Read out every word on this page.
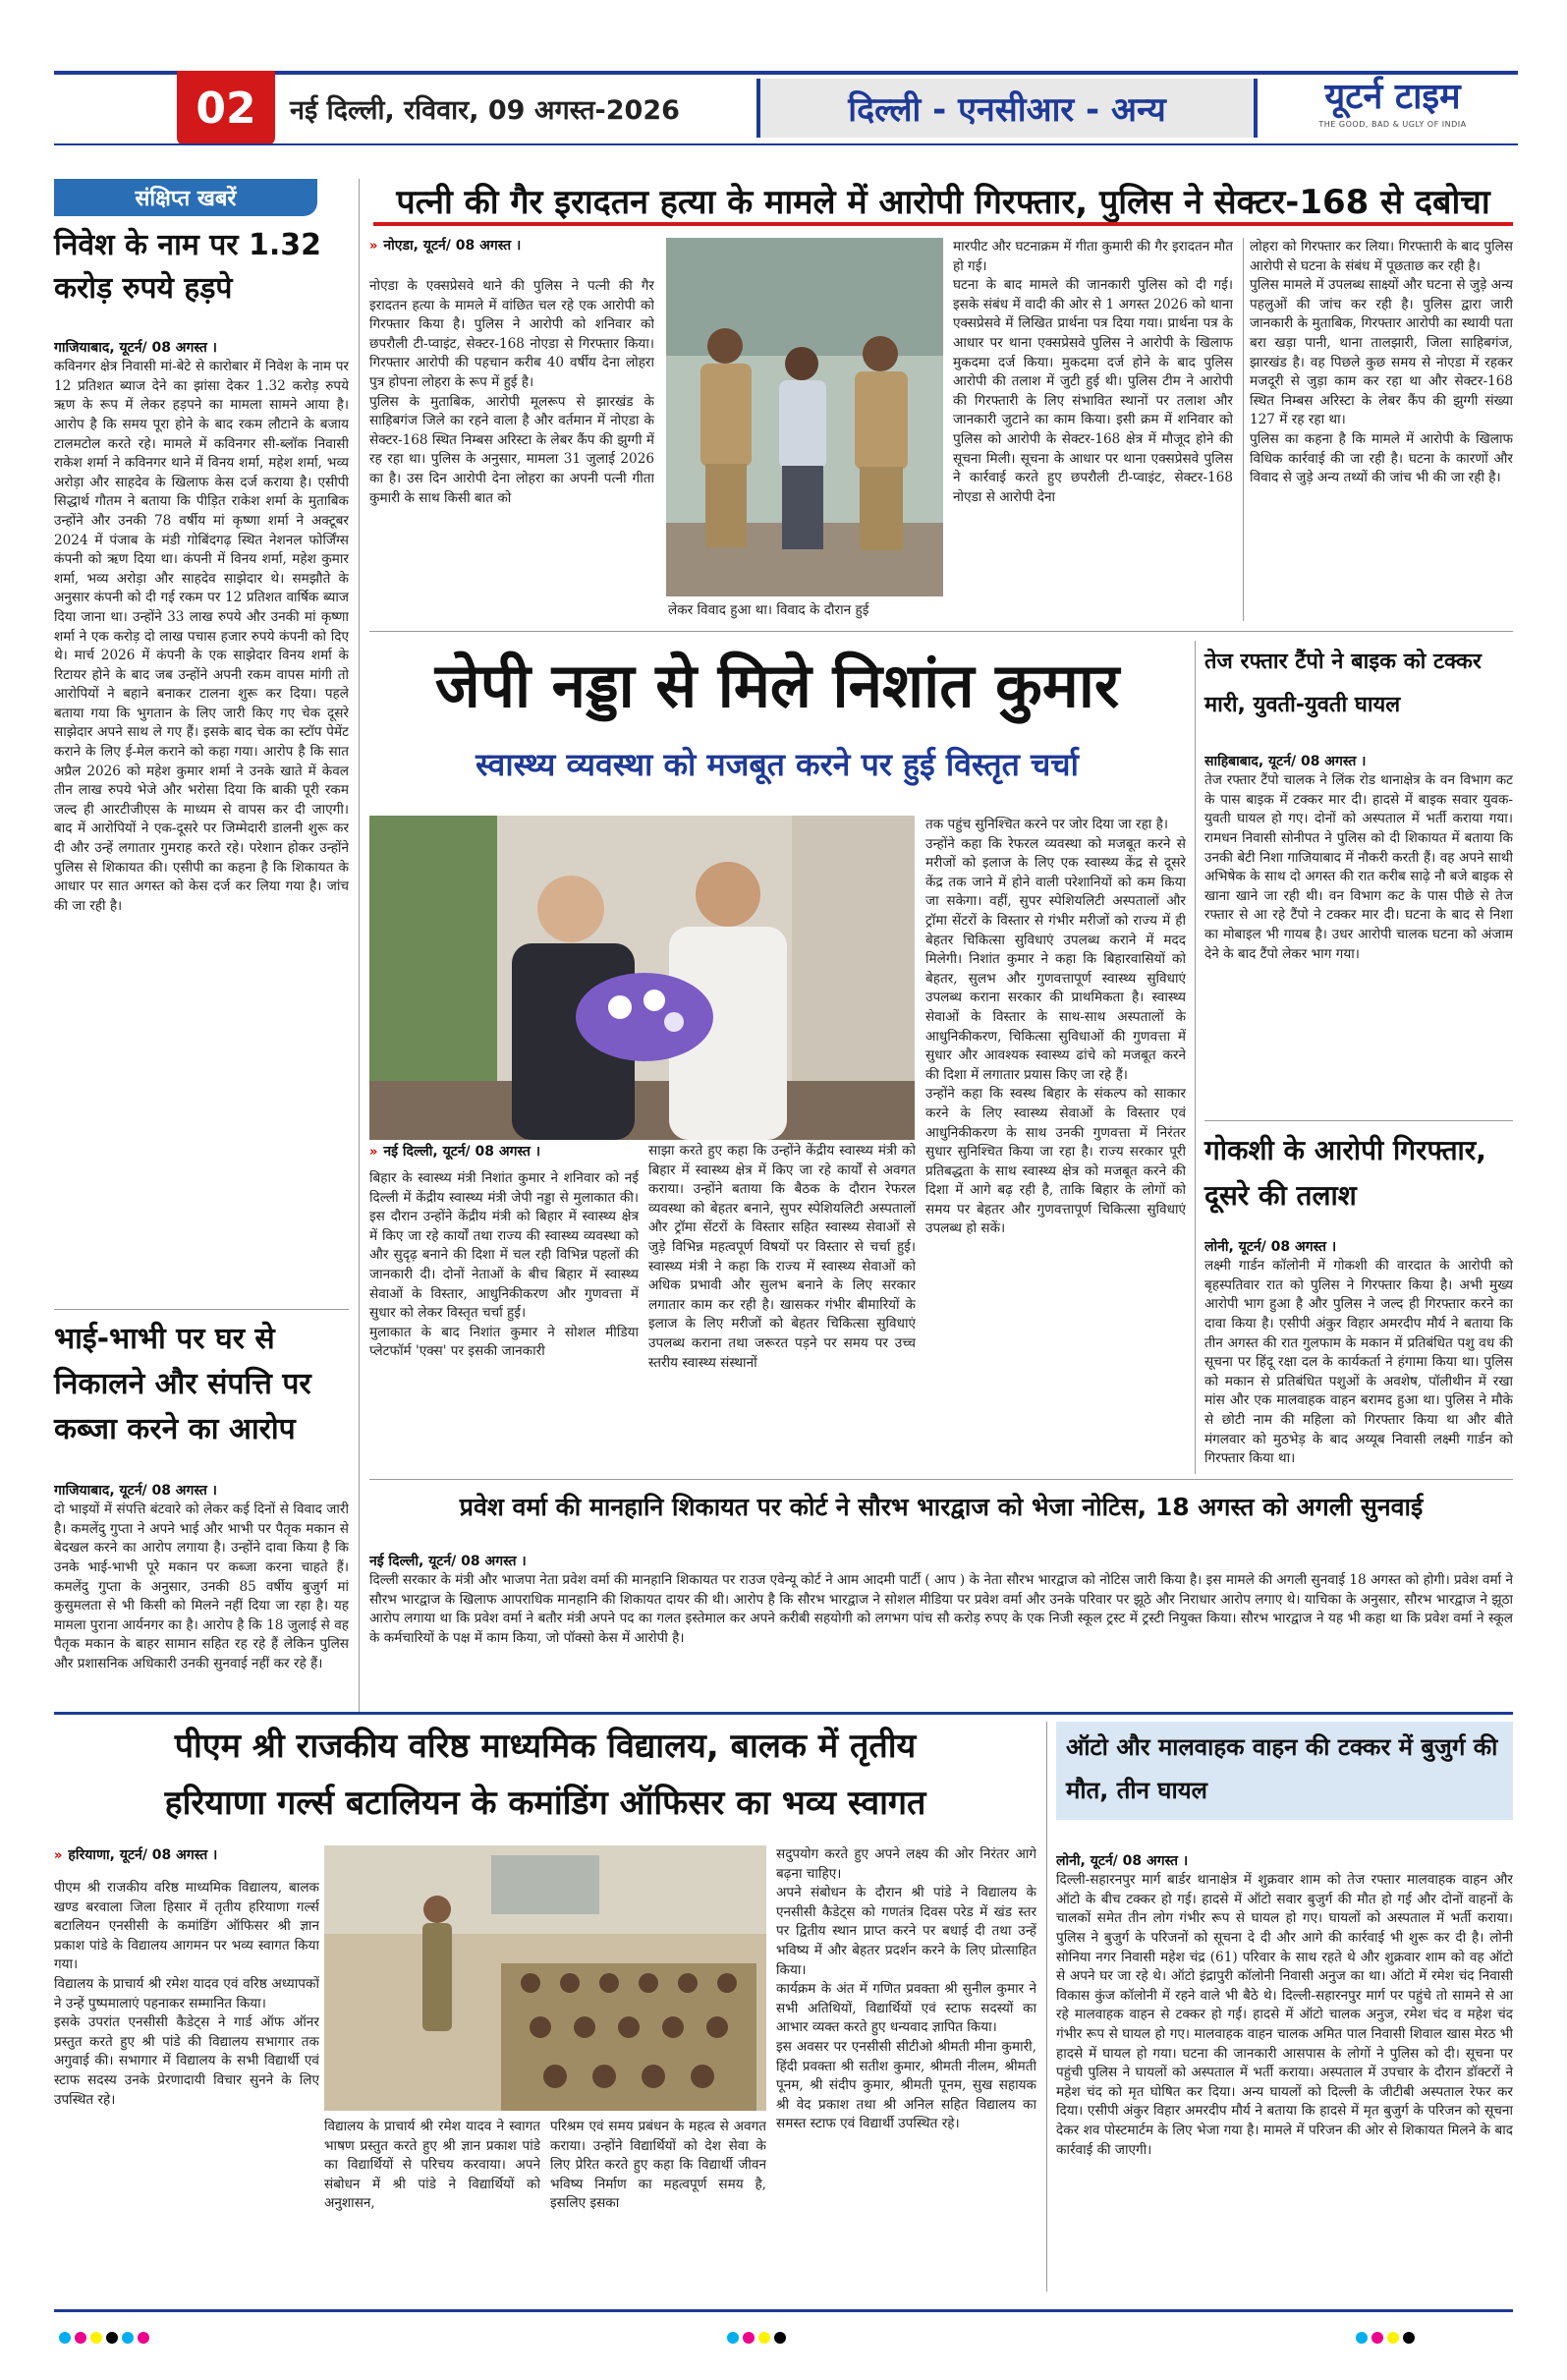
02 नई दिल्ली, रविवार, 09 अगस्त-2026	दिल्ली - एनसीआर - अन्य	यूटर्न टाइम
THE GOOD, BAD & UGLY OF INDIA
संक्षिप्त खबरें
निवेश के नाम पर 1.32 करोड़ रुपये हड़पे

गाजियाबाद, यूटर्न/ 08 अगस्त ।
कविनगर क्षेत्र निवासी मां-बेटे से कारोबार में निवेश के नाम पर 12 प्रतिशत ब्याज देने का झांसा देकर 1.32 करोड़ रुपये ऋण के रूप में लेकर हड़पने का मामला सामने आया है। आरोप है कि समय पूरा होने के बाद रकम लौटाने के बजाय टालमटोल करते रहे। मामले में कविनगर सी-ब्लॉक निवासी राकेश शर्मा ने कविनगर थाने में विनय शर्मा, महेश शर्मा, भव्य अरोड़ा और साहदेव के खिलाफ केस दर्ज कराया है। एसीपी सिद्धार्थ गौतम ने बताया कि पीड़ित राकेश शर्मा के मुताबिक उन्होंने और उनकी 78 वर्षीय मां कृष्णा शर्मा ने अक्टूबर 2024 में पंजाब के मंडी गोबिंदगढ़ स्थित नेशनल फोर्जिंग्स कंपनी को ऋण दिया था। कंपनी में विनय शर्मा, महेश कुमार शर्मा, भव्य अरोड़ा और साहदेव साझेदार थे। समझौते के अनुसार कंपनी को दी गई रकम पर 12 प्रतिशत वार्षिक ब्याज दिया जाना था। उन्होंने 33 लाख रुपये और उनकी मां कृष्णा शर्मा ने एक करोड़ दो लाख पचास हजार रुपये कंपनी को दिए थे। मार्च 2026 में कंपनी के एक साझेदार विनय शर्मा के रिटायर होने के बाद जब उन्होंने अपनी रकम वापस मांगी तो आरोपियों ने बहाने बनाकर टालना शुरू कर दिया। पहले बताया गया कि भुगतान के लिए जारी किए गए चेक दूसरे साझेदार अपने साथ ले गए हैं। इसके बाद चेक का स्टॉप पेमेंट कराने के लिए ई-मेल कराने को कहा गया। आरोप है कि सात अप्रैल 2026 को महेश कुमार शर्मा ने उनके खाते में केवल तीन लाख रुपये भेजे और भरोसा दिया कि बाकी पूरी रकम जल्द ही आरटीजीएस के माध्यम से वापस कर दी जाएगी। बाद में आरोपियों ने एक-दूसरे पर जिम्मेदारी डालनी शुरू कर दी और उन्हें लगातार गुमराह करते रहे। परेशान होकर उन्होंने पुलिस से शिकायत की। एसीपी का कहना है कि शिकायत के आधार पर सात अगस्त को केस दर्ज कर लिया गया है। जांच की जा रही है।

भाई-भाभी पर घर से निकालने और संपत्ति पर कब्जा करने का आरोप

गाजियाबाद, यूटर्न/ 08 अगस्त ।
दो भाइयों में संपत्ति बंटवारे को लेकर कई दिनों से विवाद जारी है। कमलेंदु गुप्ता ने अपने भाई और भाभी पर पैतृक मकान से बेदखल करने का आरोप लगाया है। उन्होंने दावा किया है कि उनके भाई-भाभी पूरे मकान पर कब्जा करना चाहते हैं। कमलेंदु गुप्ता के अनुसार, उनकी 85 वर्षीय बुजुर्ग मां कुसुमलता से भी किसी को मिलने नहीं दिया जा रहा है। यह मामला पुराना आर्यनगर का है। आरोप है कि 18 जुलाई से वह पैतृक मकान के बाहर सामान सहित रह रहे हैं लेकिन पुलिस और प्रशासनिक अधिकारी उनकी सुनवाई नहीं कर रहे हैं।

पत्नी की गैर इरादतन हत्या के मामले में आरोपी गिरफ्तार, पुलिस ने सेक्टर-168 से दबोचा
» नोएडा, यूटर्न/ 08 अगस्त ।
नोएडा के एक्सप्रेसवे थाने की पुलिस ने पत्नी की गैर इरादतन हत्या के मामले में वांछित चल रहे एक आरोपी को गिरफ्तार किया है। पुलिस ने आरोपी को शनिवार को छपरौली टी-प्वाइंट, सेक्टर-168 नोएडा से गिरफ्तार किया। गिरफ्तार आरोपी की पहचान करीब 40 वर्षीय देना लोहरा पुत्र होपना लोहरा के रूप में हुई है।
पुलिस के मुताबिक, आरोपी मूलरूप से झारखंड के साहिबगंज जिले का रहने वाला है और वर्तमान में नोएडा के सेक्टर-168 स्थित निम्बस अरिस्टा के लेबर कैंप की झुग्गी में रह रहा था। पुलिस के अनुसार, मामला 31 जुलाई 2026 का है। उस दिन आरोपी देना लोहरा का अपनी पत्नी गीता कुमारी के साथ किसी बात को
लेकर विवाद हुआ था। विवाद के दौरान हुई
मारपीट और घटनाक्रम में गीता कुमारी की गैर इरादतन मौत हो गई।
घटना के बाद मामले की जानकारी पुलिस को दी गई। इसके संबंध में वादी की ओर से 1 अगस्त 2026 को थाना एक्सप्रेसवे में लिखित प्रार्थना पत्र दिया गया। प्रार्थना पत्र के आधार पर थाना एक्सप्रेसवे पुलिस ने आरोपी के खिलाफ मुकदमा दर्ज किया। मुकदमा दर्ज होने के बाद पुलिस आरोपी की तलाश में जुटी हुई थी। पुलिस टीम ने आरोपी की गिरफ्तारी के लिए संभावित स्थानों पर तलाश और जानकारी जुटाने का काम किया। इसी क्रम में शनिवार को पुलिस को आरोपी के सेक्टर-168 क्षेत्र में मौजूद होने की सूचना मिली। सूचना के आधार पर थाना एक्सप्रेसवे पुलिस ने कार्रवाई करते हुए छपरौली टी-प्वाइंट, सेक्टर-168 नोएडा से आरोपी देना
लोहरा को गिरफ्तार कर लिया। गिरफ्तारी के बाद पुलिस आरोपी से घटना के संबंध में पूछताछ कर रही है।
पुलिस मामले में उपलब्ध साक्ष्यों और घटना से जुड़े अन्य पहलुओं की जांच कर रही है। पुलिस द्वारा जारी जानकारी के मुताबिक, गिरफ्तार आरोपी का स्थायी पता बरा खड़ा पानी, थाना तालझारी, जिला साहिबगंज, झारखंड है। वह पिछले कुछ समय से नोएडा में रहकर मजदूरी से जुड़ा काम कर रहा था और सेक्टर-168 स्थित निम्बस अरिस्टा के लेबर कैंप की झुग्गी संख्या 127 में रह रहा था।
पुलिस का कहना है कि मामले में आरोपी के खिलाफ विधिक कार्रवाई की जा रही है। घटना के कारणों और विवाद से जुड़े अन्य तथ्यों की जांच भी की जा रही है।
जेपी नड्डा से मिले निशांत कुमार
स्वास्थ्य व्यवस्था को मजबूत करने पर हुई विस्तृत चर्चा
» नई दिल्ली, यूटर्न/ 08 अगस्त ।
बिहार के स्वास्थ्य मंत्री निशांत कुमार ने शनिवार को नई दिल्ली में केंद्रीय स्वास्थ्य मंत्री जेपी नड्डा से मुलाकात की। इस दौरान उन्होंने केंद्रीय मंत्री को बिहार में स्वास्थ्य क्षेत्र में किए जा रहे कार्यों तथा राज्य की स्वास्थ्य व्यवस्था को और सुदृढ़ बनाने की दिशा में चल रही विभिन्न पहलों की जानकारी दी। दोनों नेताओं के बीच बिहार में स्वास्थ्य सेवाओं के विस्तार, आधुनिकीकरण और गुणवत्ता में सुधार को लेकर विस्तृत चर्चा हुई।
मुलाकात के बाद निशांत कुमार ने सोशल मीडिया प्लेटफॉर्म 'एक्स' पर इसकी जानकारी
साझा करते हुए कहा कि उन्होंने केंद्रीय स्वास्थ्य मंत्री को बिहार में स्वास्थ्य क्षेत्र में किए जा रहे कार्यों से अवगत कराया। उन्होंने बताया कि बैठक के दौरान रेफरल व्यवस्था को बेहतर बनाने, सुपर स्पेशियलिटी अस्पतालों और ट्रॉमा सेंटरों के विस्तार सहित स्वास्थ्य सेवाओं से जुड़े विभिन्न महत्वपूर्ण विषयों पर विस्तार से चर्चा हुई। स्वास्थ्य मंत्री ने कहा कि राज्य में स्वास्थ्य सेवाओं को अधिक प्रभावी और सुलभ बनाने के लिए सरकार लगातार काम कर रही है। खासकर गंभीर बीमारियों के इलाज के लिए मरीजों को बेहतर चिकित्सा सुविधाएं उपलब्ध कराना तथा जरूरत पड़ने पर समय पर उच्च स्तरीय स्वास्थ्य संस्थानों
तक पहुंच सुनिश्चित करने पर जोर दिया जा रहा है।
उन्होंने कहा कि रेफरल व्यवस्था को मजबूत करने से मरीजों को इलाज के लिए एक स्वास्थ्य केंद्र से दूसरे केंद्र तक जाने में होने वाली परेशानियों को कम किया जा सकेगा। वहीं, सुपर स्पेशियलिटी अस्पतालों और ट्रॉमा सेंटरों के विस्तार से गंभीर मरीजों को राज्य में ही बेहतर चिकित्सा सुविधाएं उपलब्ध कराने में मदद मिलेगी। निशांत कुमार ने कहा कि बिहारवासियों को बेहतर, सुलभ और गुणवत्तापूर्ण स्वास्थ्य सुविधाएं उपलब्ध कराना सरकार की प्राथमिकता है। स्वास्थ्य सेवाओं के विस्तार के साथ-साथ अस्पतालों के आधुनिकीकरण, चिकित्सा सुविधाओं की गुणवत्ता में सुधार और आवश्यक स्वास्थ्य ढांचे को मजबूत करने की दिशा में लगातार प्रयास किए जा रहे हैं।
उन्होंने कहा कि स्वस्थ बिहार के संकल्प को साकार करने के लिए स्वास्थ्य सेवाओं के विस्तार एवं आधुनिकीकरण के साथ उनकी गुणवत्ता में निरंतर सुधार सुनिश्चित किया जा रहा है। राज्य सरकार पूरी प्रतिबद्धता के साथ स्वास्थ्य क्षेत्र को मजबूत करने की दिशा में आगे बढ़ रही है, ताकि बिहार के लोगों को समय पर बेहतर और गुणवत्तापूर्ण चिकित्सा सुविधाएं उपलब्ध हो सकें।
तेज रफ्तार टैंपो ने बाइक को टक्कर मारी, युवती-युवती घायल

साहिबाबाद, यूटर्न/ 08 अगस्त ।
तेज रफ्तार टैंपो चालक ने लिंक रोड थानाक्षेत्र के वन विभाग कट के पास बाइक में टक्कर मार दी। हादसे में बाइक सवार युवक-युवती घायल हो गए। दोनों को अस्पताल में भर्ती कराया गया। रामधन निवासी सोनीपत ने पुलिस को दी शिकायत में बताया कि उनकी बेटी निशा गाजियाबाद में नौकरी करती हैं। वह अपने साथी अभिषेक के साथ दो अगस्त की रात करीब साढ़े नौ बजे बाइक से खाना खाने जा रही थी। वन विभाग कट के पास पीछे से तेज रफ्तार से आ रहे टैंपो ने टक्कर मार दी। घटना के बाद से निशा का मोबाइल भी गायब है। उधर आरोपी चालक घटना को अंजाम देने के बाद टैंपो लेकर भाग गया।

गोकशी के आरोपी गिरफ्तार, दूसरे की तलाश

लोनी, यूटर्न/ 08 अगस्त ।
लक्ष्मी गार्डन कॉलोनी में गोकशी की वारदात के आरोपी को बृहस्पतिवार रात को पुलिस ने गिरफ्तार किया है। अभी मुख्य आरोपी भाग हुआ है और पुलिस ने जल्द ही गिरफ्तार करने का दावा किया है। एसीपी अंकुर विहार अमरदीप मौर्य ने बताया कि तीन अगस्त की रात गुलफाम के मकान में प्रतिबंधित पशु वध की सूचना पर हिंदू रक्षा दल के कार्यकर्ता ने हंगामा किया था। पुलिस को मकान से प्रतिबंधित पशुओं के अवशेष, पॉलीथीन में रखा मांस और एक मालवाहक वाहन बरामद हुआ था। पुलिस ने मौके से छोटी नाम की महिला को गिरफ्तार किया था और बीते मंगलवार को मुठभेड़ के बाद अय्यूब निवासी लक्ष्मी गार्डन को गिरफ्तार किया था।

प्रवेश वर्मा की मानहानि शिकायत पर कोर्ट ने सौरभ भारद्वाज को भेजा नोटिस, 18 अगस्त को अगली सुनवाई

नई दिल्ली, यूटर्न/ 08 अगस्त ।
दिल्ली सरकार के मंत्री और भाजपा नेता प्रवेश वर्मा की मानहानि शिकायत पर राउज एवेन्यू कोर्ट ने आम आदमी पार्टी ( आप ) के नेता सौरभ भारद्वाज को नोटिस जारी किया है। इस मामले की अगली सुनवाई 18 अगस्त को होगी। प्रवेश वर्मा ने सौरभ भारद्वाज के खिलाफ आपराधिक मानहानि की शिकायत दायर की थी। आरोप है कि सौरभ भारद्वाज ने सोशल मीडिया पर प्रवेश वर्मा और उनके परिवार पर झूठे और निराधार आरोप लगाए थे। याचिका के अनुसार, सौरभ भारद्वाज ने झूठा आरोप लगाया था कि प्रवेश वर्मा ने बतौर मंत्री अपने पद का गलत इस्तेमाल कर अपने करीबी सहयोगी को लगभग पांच सौ करोड़ रुपए के एक निजी स्कूल ट्रस्ट में ट्रस्टी नियुक्त किया। सौरभ भारद्वाज ने यह भी कहा था कि प्रवेश वर्मा ने स्कूल के कर्मचारियों के पक्ष में काम किया, जो पॉक्सो केस में आरोपी है।

पीएम श्री राजकीय वरिष्ठ माध्यमिक विद्यालय, बालक में तृतीय
हरियाणा गर्ल्स बटालियन के कमांडिंग ऑफिसर का भव्य स्वागत
» हरियाणा, यूटर्न/ 08 अगस्त ।
पीएम श्री राजकीय वरिष्ठ माध्यमिक विद्यालय, बालक खण्ड बरवाला जिला हिसार में तृतीय हरियाणा गर्ल्स बटालियन एनसीसी के कमांडिंग ऑफिसर श्री ज्ञान प्रकाश पांडे के विद्यालय आगमन पर भव्य स्वागत किया गया।
विद्यालय के प्राचार्य श्री रमेश यादव एवं वरिष्ठ अध्यापकों ने उन्हें पुष्पमालाएं पहनाकर सम्मानित किया।
इसके उपरांत एनसीसी कैडेट्स ने गार्ड ऑफ ऑनर प्रस्तुत करते हुए श्री पांडे की विद्यालय सभागार तक अगुवाई की। सभागार में विद्यालय के सभी विद्यार्थी एवं स्टाफ सदस्य उनके प्रेरणादायी विचार सुनने के लिए उपस्थित रहे।
विद्यालय के प्राचार्य श्री रमेश यादव ने स्वागत भाषण प्रस्तुत करते हुए श्री ज्ञान प्रकाश पांडे का विद्यार्थियों से परिचय करवाया। अपने संबोधन में श्री पांडे ने विद्यार्थियों को अनुशासन,
परिश्रम एवं समय प्रबंधन के महत्व से अवगत कराया। उन्होंने विद्यार्थियों को देश सेवा के लिए प्रेरित करते हुए कहा कि विद्यार्थी जीवन भविष्य निर्माण का महत्वपूर्ण समय है, इसलिए इसका
सदुपयोग करते हुए अपने लक्ष्य की ओर निरंतर आगे बढ़ना चाहिए।
अपने संबोधन के दौरान श्री पांडे ने विद्यालय के एनसीसी कैडेट्स को गणतंत्र दिवस परेड में खंड स्तर पर द्वितीय स्थान प्राप्त करने पर बधाई दी तथा उन्हें भविष्य में और बेहतर प्रदर्शन करने के लिए प्रोत्साहित किया।
कार्यक्रम के अंत में गणित प्रवक्ता श्री सुनील कुमार ने सभी अतिथियों, विद्यार्थियों एवं स्टाफ सदस्यों का आभार व्यक्त करते हुए धन्यवाद ज्ञापित किया।
इस अवसर पर एनसीसी सीटीओ श्रीमती मीना कुमारी, हिंदी प्रवक्ता श्री सतीश कुमार, श्रीमती नीलम, श्रीमती पूनम, श्री संदीप कुमार, श्रीमती पूनम, सुख सहायक श्री वेद प्रकाश तथा श्री अनिल सहित विद्यालय का समस्त स्टाफ एवं विद्यार्थी उपस्थित रहे।
ऑटो और मालवाहक वाहन की टक्कर में बुजुर्ग की मौत, तीन घायल

लोनी, यूटर्न/ 08 अगस्त ।
दिल्ली-सहारनपुर मार्ग बार्डर थानाक्षेत्र में शुक्रवार शाम को तेज रफ्तार मालवाहक वाहन और ऑटो के बीच टक्कर हो गई। हादसे में ऑटो सवार बुजुर्ग की मौत हो गई और दोनों वाहनों के चालकों समेत तीन लोग गंभीर रूप से घायल हो गए। घायलों को अस्पताल में भर्ती कराया। पुलिस ने बुजुर्ग के परिजनों को सूचना दे दी और आगे की कार्रवाई भी शुरू कर दी है। लोनी सोनिया नगर निवासी महेश चंद्र (61) परिवार के साथ रहते थे और शुक्रवार शाम को वह ऑटो से अपने घर जा रहे थे। ऑटो इंद्रापुरी कॉलोनी निवासी अनुज का था। ऑटो में रमेश चंद निवासी विकास कुंज कॉलोनी में रहने वाले भी बैठे थे। दिल्ली-सहारनपुर मार्ग पर पहुंचे तो सामने से आ रहे मालवाहक वाहन से टक्कर हो गई। हादसे में ऑटो चालक अनुज, रमेश चंद व महेश चंद गंभीर रूप से घायल हो गए। मालवाहक वाहन चालक अमित पाल निवासी शिवाल खास मेरठ भी हादसे में घायल हो गया। घटना की जानकारी आसपास के लोगों ने पुलिस को दी। सूचना पर पहुंची पुलिस ने घायलों को अस्पताल में भर्ती कराया। अस्पताल में उपचार के दौरान डॉक्टरों ने महेश चंद को मृत घोषित कर दिया। अन्य घायलों को दिल्ली के जीटीबी अस्पताल रेफर कर दिया। एसीपी अंकुर विहार अमरदीप मौर्य ने बताया कि हादसे में मृत बुजुर्ग के परिजन को सूचना देकर शव पोस्टमार्टम के लिए भेजा गया है। मामले में परिजन की ओर से शिकायत मिलने के बाद कार्रवाई की जाएगी।
